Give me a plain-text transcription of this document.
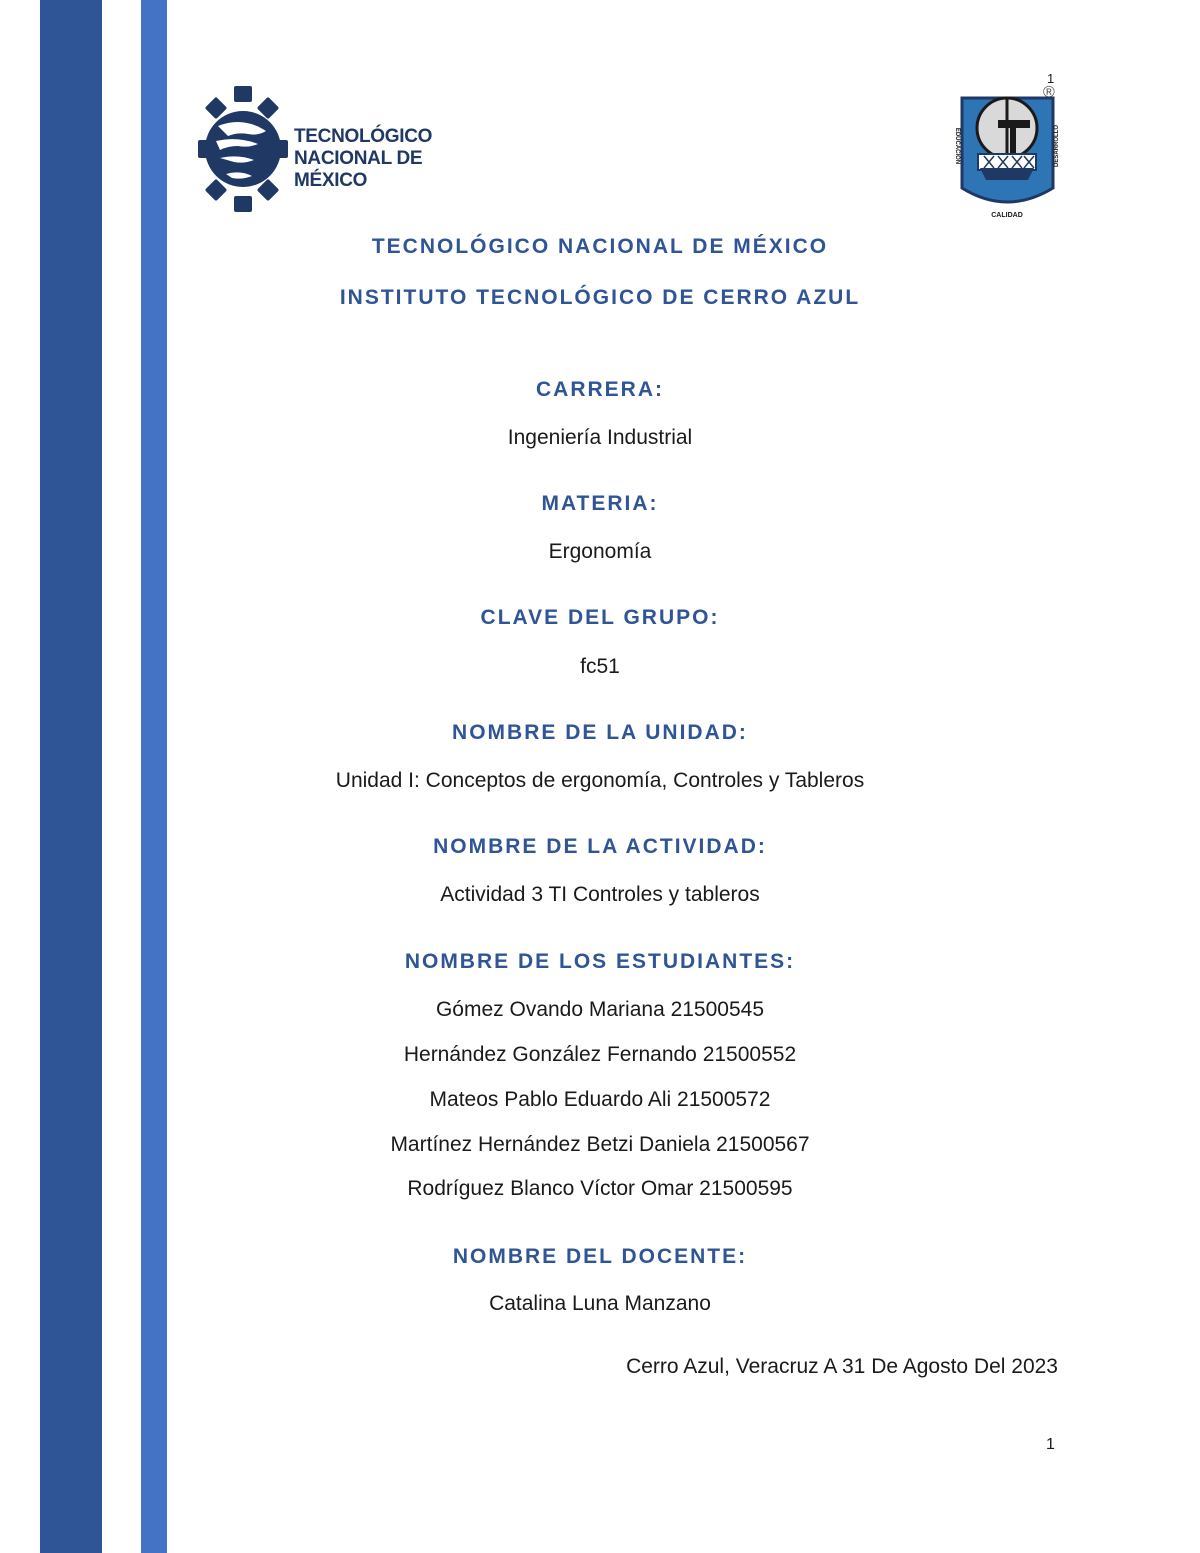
TECNOLÓGICO
NACIONAL DE MÉXICO
EDUCACIÓN	DESARROLLO
CALIDAD
1
®
TECNOLÓGICO NACIONAL DE MÉXICO
INSTITUTO TECNOLÓGICO DE CERRO AZUL
CARRERA:
Ingeniería Industrial
MATERIA:
Ergonomía
CLAVE DEL GRUPO:
fc51
NOMBRE DE LA UNIDAD:
Unidad I: Conceptos de ergonomía, Controles y Tableros
NOMBRE DE LA ACTIVIDAD:
Actividad 3 TI Controles y tableros
NOMBRE DE LOS ESTUDIANTES:
Gómez Ovando Mariana 21500545
Hernández González Fernando 21500552
Mateos Pablo Eduardo Ali 21500572
Martínez Hernández Betzi Daniela 21500567
Rodríguez Blanco Víctor Omar 21500595
NOMBRE DEL DOCENTE:
Catalina Luna Manzano
Cerro Azul, Veracruz A 31 De Agosto Del 2023
1
